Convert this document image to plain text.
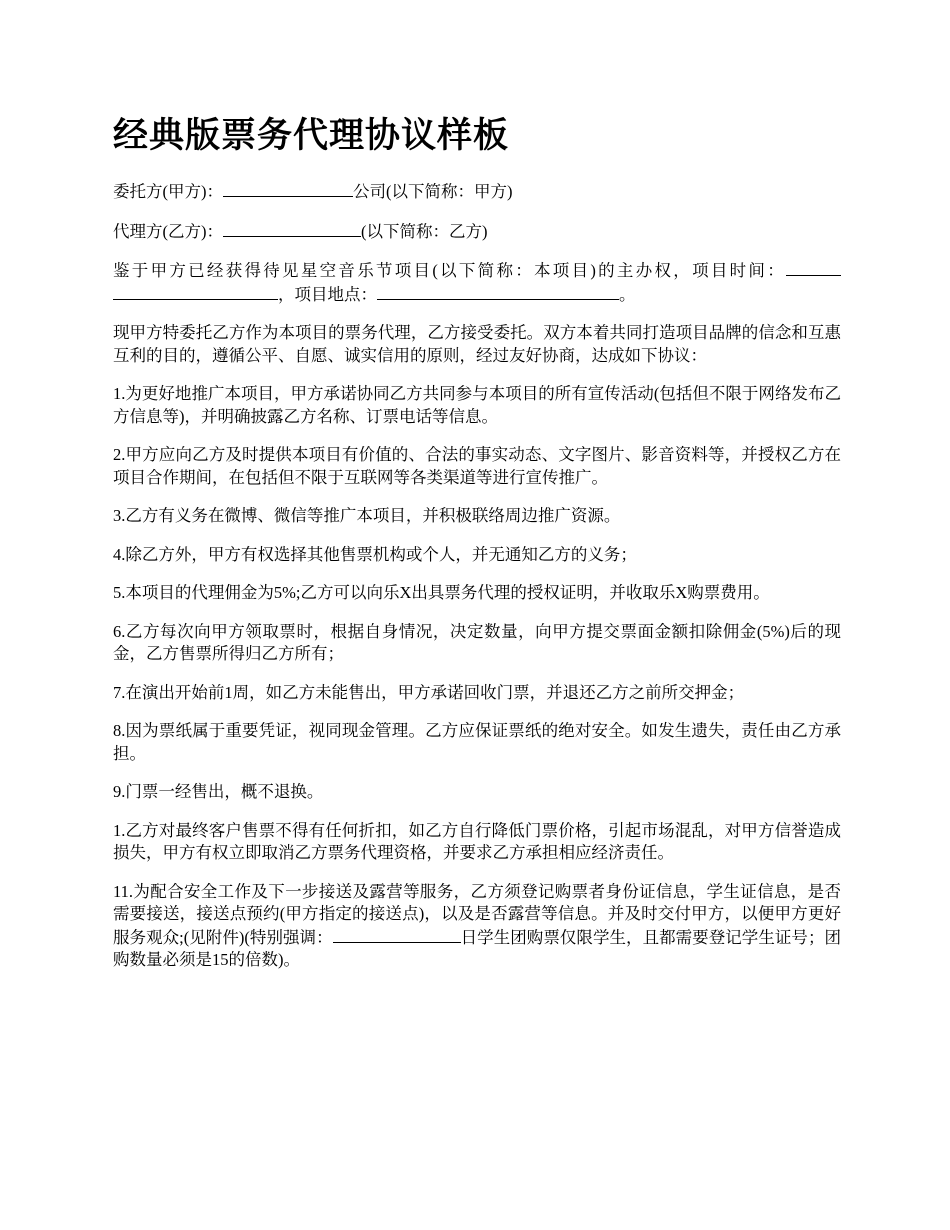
经典版票务代理协议样板

委托方(甲方)：	公司(以下简称：甲方)

代理方(乙方)：	(以下简称：乙方)

鉴于甲方已经获得待见星空音乐节项目(以下简称：本项目)的主办权，项目时间：，项目地点：	。

现甲方特委托乙方作为本项目的票务代理，乙方接受委托。双方本着共同打造项目品牌的信念和互惠互利的目的，遵循公平、自愿、诚实信用的原则，经过友好协商，达成如下协议：

1.为更好地推广本项目，甲方承诺协同乙方共同参与本项目的所有宣传活动(包括但不限于网络发布乙方信息等)，并明确披露乙方名称、订票电话等信息。

2.甲方应向乙方及时提供本项目有价值的、合法的事实动态、文字图片、影音资料等，并授权乙方在项目合作期间，在包括但不限于互联网等各类渠道等进行宣传推广。

3.乙方有义务在微博、微信等推广本项目，并积极联络周边推广资源。

4.除乙方外，甲方有权选择其他售票机构或个人，并无通知乙方的义务；

5.本项目的代理佣金为5%;乙方可以向乐X出具票务代理的授权证明，并收取乐X购票费用。

6.乙方每次向甲方领取票时，根据自身情况，决定数量，向甲方提交票面金额扣除佣金(5%)后的现金，乙方售票所得归乙方所有；

7.在演出开始前1周，如乙方未能售出，甲方承诺回收门票，并退还乙方之前所交押金；

8.因为票纸属于重要凭证，视同现金管理。乙方应保证票纸的绝对安全。如发生遗失，责任由乙方承担。

9.门票一经售出，概不退换。

1.乙方对最终客户售票不得有任何折扣，如乙方自行降低门票价格，引起市场混乱，对甲方信誉造成损失，甲方有权立即取消乙方票务代理资格，并要求乙方承担相应经济责任。

11.为配合安全工作及下一步接送及露营等服务，乙方须登记购票者身份证信息，学生证信息，是否需要接送，接送点预约(甲方指定的接送点)，以及是否露营等信息。并及时交付甲方，以便甲方更好服务观众;(见附件)(特别强调：	日学生团购票仅限学生，且都需要登记学生证号；团购数量必须是15的倍数)。
